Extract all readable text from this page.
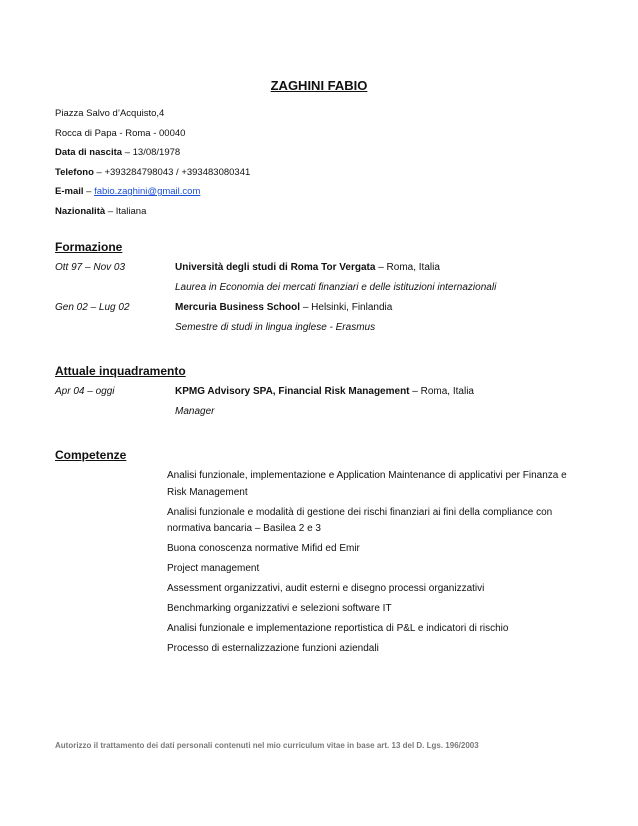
ZAGHINI FABIO
Piazza Salvo d’Acquisto,4
Rocca di Papa - Roma - 00040
Data di nascita – 13/08/1978
Telefono – +393284798043 / +393483080341
E-mail – fabio.zaghini@gmail.com
Nazionalità – Italiana
Formazione
Ott 97 – Nov 03	Università degli studi di Roma Tor Vergata – Roma, Italia
Laurea in Economia dei mercati finanziari e delle istituzioni internazionali
Gen 02 – Lug 02	Mercuria Business School – Helsinki, Finlandia
Semestre di studi in lingua inglese - Erasmus
Attuale inquadramento
Apr 04 – oggi	KPMG Advisory SPA, Financial Risk Management – Roma, Italia
Manager
Competenze
Analisi funzionale, implementazione e Application Maintenance di applicativi per Finanza e Risk Management
Analisi funzionale e modalità di gestione dei rischi finanziari ai fini della compliance con normativa bancaria – Basilea 2 e 3
Buona conoscenza normative Mifid ed Emir
Project management
Assessment organizzativi, audit esterni e disegno processi organizzativi
Benchmarking organizzativi e selezioni software IT
Analisi funzionale e implementazione reportistica di P&L e indicatori di rischio
Processo di esternalizzazione funzioni aziendali
Autorizzo il trattamento dei dati personali contenuti nel mio curriculum vitae in base art. 13 del D. Lgs. 196/2003
